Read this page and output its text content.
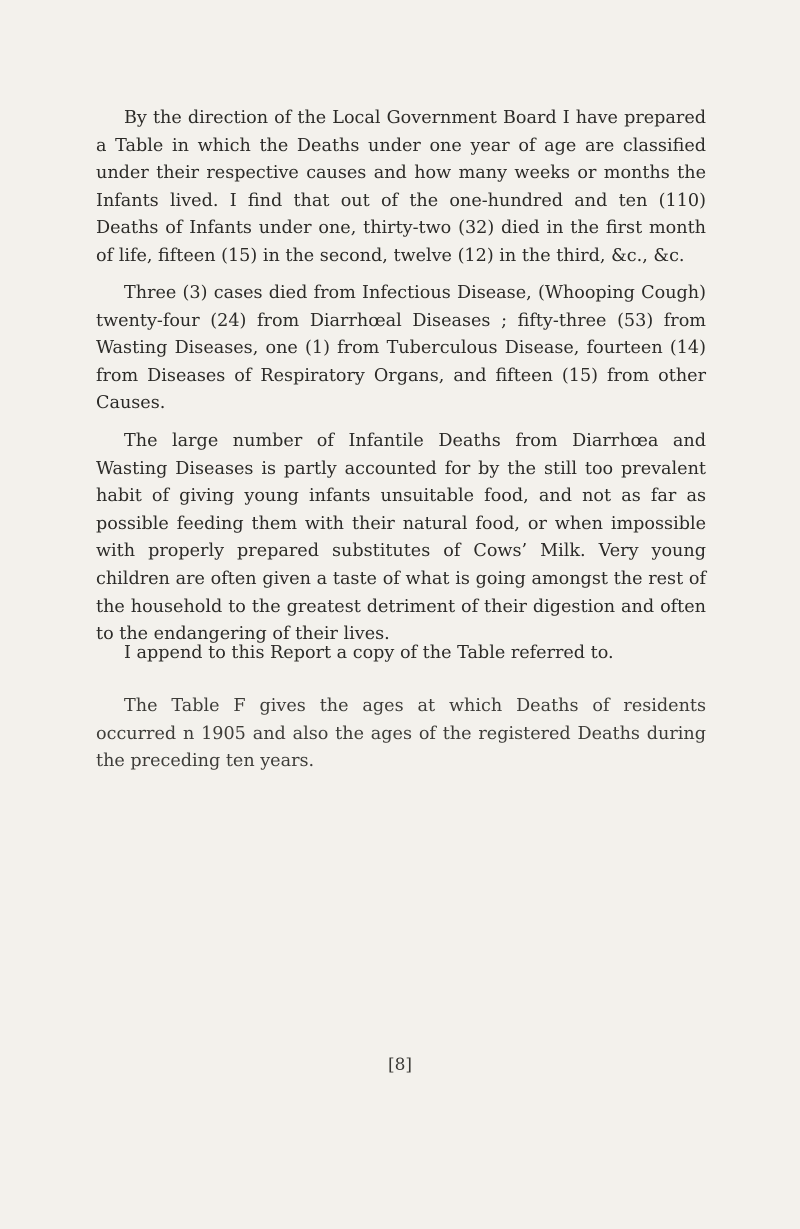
By the direction of the Local Government Board I have prepared a Table in which the Deaths under one year of age are classified under their respective causes and how many weeks or months the Infants lived. I find that out of the one-hundred and ten (110) Deaths of Infants under one, thirty-two (32) died in the first month of life, fifteen (15) in the second, twelve (12) in the third, &c., &c.

Three (3) cases died from Infectious Disease, (Whooping Cough) twenty-four (24) from Diarrhœal Diseases ; fifty-three (53) from Wasting Diseases, one (1) from Tuberculous Disease, fourteen (14) from Diseases of Respiratory Organs, and fifteen (15) from other Causes.

The large number of Infantile Deaths from Diarrhœa and Wasting Diseases is partly accounted for by the still too prevalent habit of giving young infants unsuitable food, and not as far as possible feeding them with their natural food, or when impossible with properly prepared substitutes of Cows’ Milk. Very young children are often given a taste of what is going amongst the rest of the household to the greatest detriment of their digestion and often to the endangering of their lives.

I append to this Report a copy of the Table referred to.

The Table F gives the ages at which Deaths of residents occurred n 1905 and also the ages of the registered Deaths during the preceding ten years.

[8]
